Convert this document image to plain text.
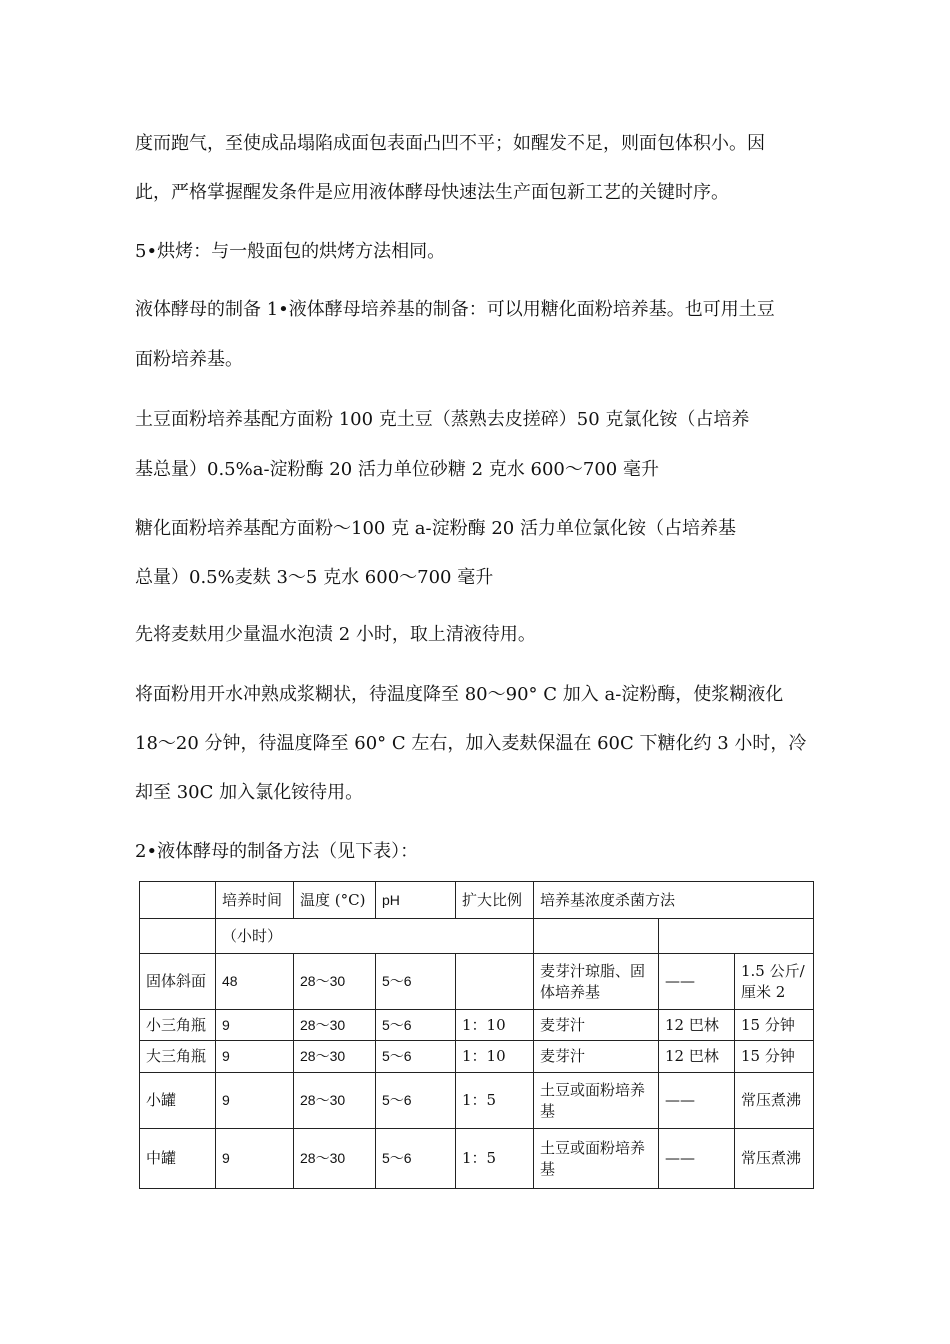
度而跑气，至使成品塌陷成面包表面凸凹不平；如醒发不足，则面包体积小。因
此，严格掌握醒发条件是应用液体酵母快速法生产面包新工艺的关键时序。
5•烘烤：与一般面包的烘烤方法相同。
液体酵母的制备 1•液体酵母培养基的制备：可以用糖化面粉培养基。也可用土豆
面粉培养基。
土豆面粉培养基配方面粉 100 克土豆（蒸熟去皮搓碎）50 克氯化铵（占培养
基总量）0.5%a-淀粉酶 20 活力单位砂糖 2 克水 600〜700 毫升
糖化面粉培养基配方面粉〜100 克 a-淀粉酶 20 活力单位氯化铵（占培养基
总量）0.5%麦麸 3〜5 克水 600〜700 毫升
先将麦麸用少量温水泡渍 2 小时，取上清液待用。
将面粉用开水冲熟成浆糊状，待温度降至 80〜90° C 加入 a-淀粉酶，使浆糊液化
18〜20 分钟，待温度降至 60° C 左右，加入麦麸保温在 60C 下糖化约 3 小时，冷
却至 30C 加入氯化铵待用。
2•液体酵母的制备方法（见下表）：
	培养时间	温度 (°C)	pH	扩大比例	培养基浓度杀菌方法		
	（小时）						
固体斜面	48	28〜30	5〜6		麦芽汁琼脂、固体培养基	——	1.5 公斤/厘米 2
小三角瓶	9	28〜30	5〜6	1：10	麦芽汁	12 巴林	15 分钟
大三角瓶	9	28〜30	5〜6	1：10	麦芽汁	12 巴林	15 分钟
小罐	9	28〜30	5〜6	1：5	土豆或面粉培养基	——	常压煮沸
中罐	9	28〜30	5〜6	1：5	土豆或面粉培养基	——	常压煮沸
